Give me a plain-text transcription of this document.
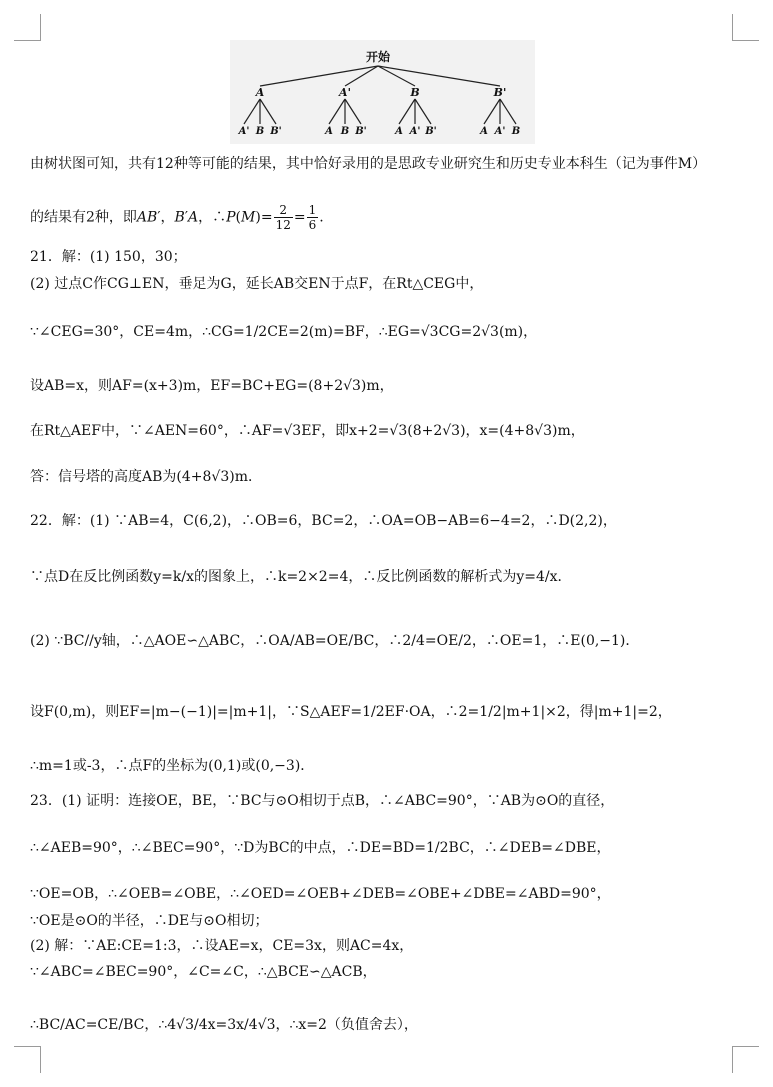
开始
A
A' B B'
A'
A B B'
B
A A' B'
B'
A A' B
由树状图可知，共有12种等可能的结果，其中恰好录用的是思政专业研究生和历史专业本科生（记为事件M）
的结果有2种，即AB′，B′A，∴P(M)= $\frac{2}{12} = \frac{1}{6}$ .
21．解：(1) 150，30；
(2) 过点C作CG⊥EN，垂足为G，延长AB交EN于点F，在Rt△CEG中，
∵∠CEG=30°，CE=4m，∴CG=1/2CE=2(m)=BF，∴EG=√3CG=2√3(m)，
设AB=x，则AF=(x+3)m，EF=BC+EG=(8+2√3)m，
在Rt△AEF中，∵∠AEN=60°，∴AF=√3EF，即x+2=√3(8+2√3)，x=(4+8√3)m，
答：信号塔的高度AB为(4+8√3)m．
22．解：(1) ∵AB=4，C(6,2)，∴OB=6，BC=2，∴OA=OB−AB=6−4=2，∴D(2,2)，
∵点D在反比例函数y=k/x的图象上，∴k=2×2=4，∴反比例函数的解析式为y=4/x．
(2) ∵BC//y轴，∴△AOE∽△ABC，∴OA/AB=OE/BC，∴2/4=OE/2，∴OE=1，∴E(0,−1)．
设F(0,m)，则EF=|m−(−1)|=|m+1|，∵S△AEF=1/2EF·OA，∴2=1/2|m+1|×2，得|m+1|=2，
∴m=1或-3，∴点F的坐标为(0,1)或(0,−3)．
23．(1) 证明：连接OE，BE，∵BC与⊙O相切于点B，∴∠ABC=90°，∵AB为⊙O的直径，
∴∠AEB=90°，∴∠BEC=90°，∵D为BC的中点，∴DE=BD=1/2BC，∴∠DEB=∠DBE，
∵OE=OB，∴∠OEB=∠OBE，∴∠OED=∠OEB+∠DEB=∠OBE+∠DBE=∠ABD=90°，
∵OE是⊙O的半径，∴DE与⊙O相切；
(2) 解：∵AE:CE=1:3，∴设AE=x，CE=3x，则AC=4x，
∵∠ABC=∠BEC=90°，∠C=∠C，∴△BCE∽△ACB，
∴BC/AC=CE/BC，∴4√3/4x=3x/4√3，∴x=2（负值舍去），
